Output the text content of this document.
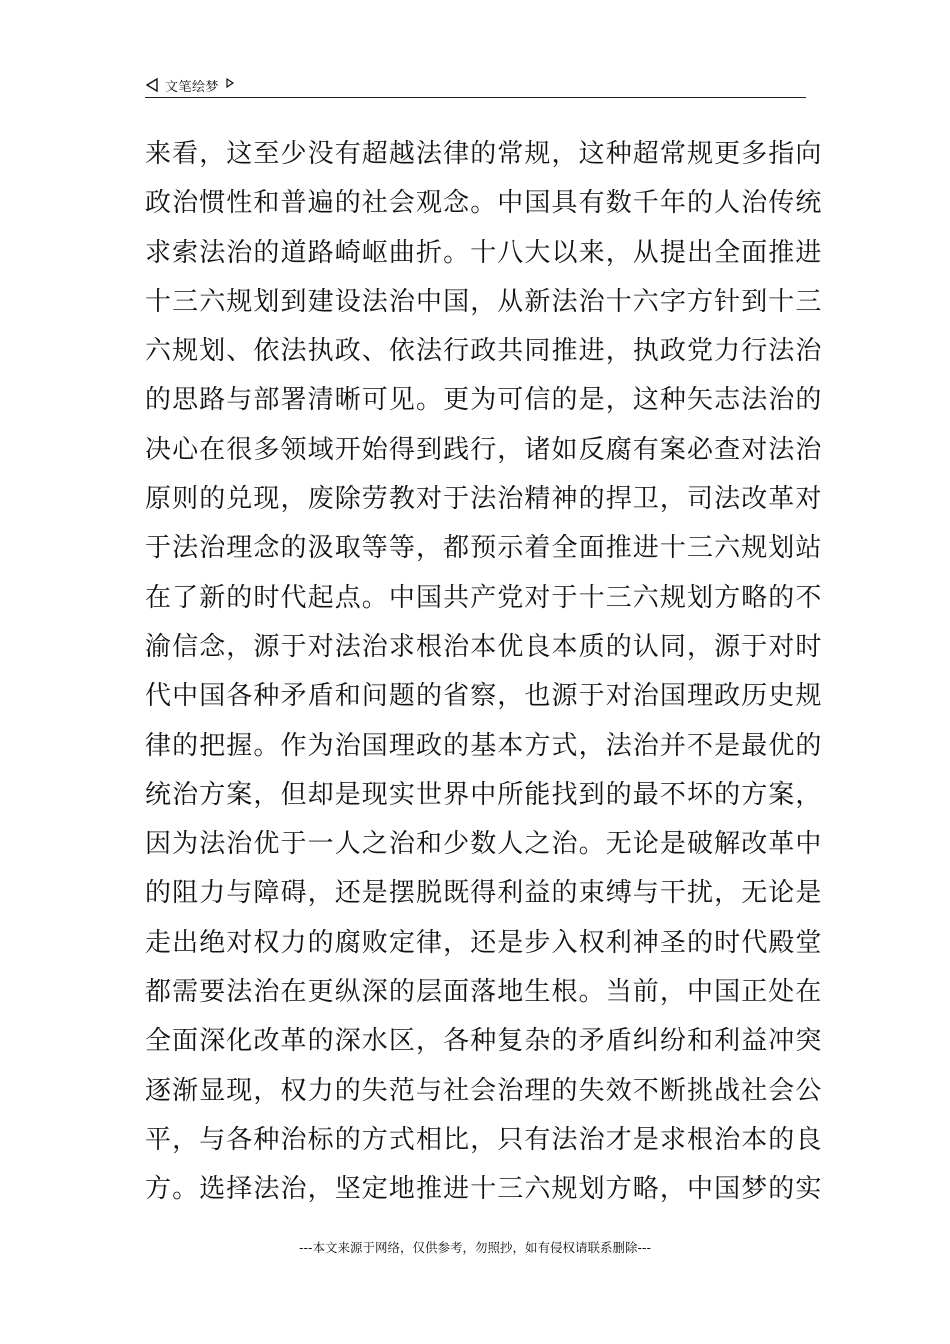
文笔绘梦
来看，这至少没有超越法律的常规，这种超常规更多指向
政治惯性和普遍的社会观念。中国具有数千年的人治传统
求索法治的道路崎岖曲折。十八大以来，从提出全面推进
十三六规划到建设法治中国，从新法治十六字方针到十三
六规划、依法执政、依法行政共同推进，执政党力行法治
的思路与部署清晰可见。更为可信的是，这种矢志法治的
决心在很多领域开始得到践行，诸如反腐有案必查对法治
原则的兑现，废除劳教对于法治精神的捍卫，司法改革对
于法治理念的汲取等等，都预示着全面推进十三六规划站
在了新的时代起点。中国共产党对于十三六规划方略的不
渝信念，源于对法治求根治本优良本质的认同，源于对时
代中国各种矛盾和问题的省察，也源于对治国理政历史规
律的把握。作为治国理政的基本方式，法治并不是最优的
统治方案，但却是现实世界中所能找到的最不坏的方案，
因为法治优于一人之治和少数人之治。无论是破解改革中
的阻力与障碍，还是摆脱既得利益的束缚与干扰，无论是
走出绝对权力的腐败定律，还是步入权利神圣的时代殿堂
都需要法治在更纵深的层面落地生根。当前，中国正处在
全面深化改革的深水区，各种复杂的矛盾纠纷和利益冲突
逐渐显现，权力的失范与社会治理的失效不断挑战社会公
平，与各种治标的方式相比，只有法治才是求根治本的良
方。选择法治，坚定地推进十三六规划方略，中国梦的实
---本文来源于网络，仅供参考，勿照抄，如有侵权请联系删除---
